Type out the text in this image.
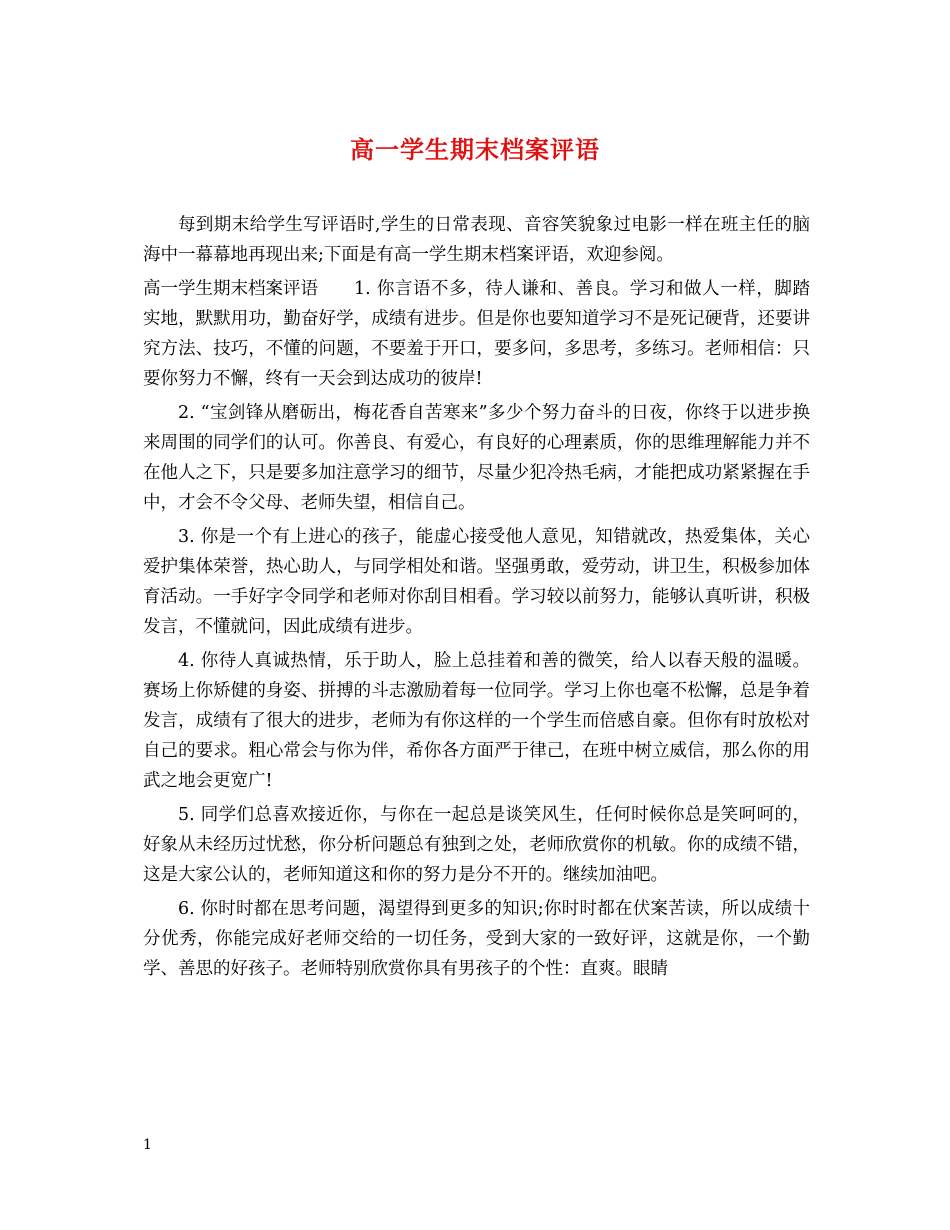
高一学生期末档案评语

每到期末给学生写评语时,学生的日常表现、音容笑貌象过电影一样在班主任的脑海中一幕幕地再现出来;下面是有高一学生期末档案评语，欢迎参阅。

高一学生期末档案评语 1. 你言语不多，待人谦和、善良。学习和做人一样，脚踏实地，默默用功，勤奋好学，成绩有进步。但是你也要知道学习不是死记硬背，还要讲究方法、技巧，不懂的问题，不要羞于开口，要多问，多思考，多练习。老师相信：只要你努力不懈，终有一天会到达成功的彼岸!

2. “宝剑锋从磨砺出，梅花香自苦寒来”多少个努力奋斗的日夜，你终于以进步换来周围的同学们的认可。你善良、有爱心，有良好的心理素质，你的思维理解能力并不在他人之下，只是要多加注意学习的细节，尽量少犯冷热毛病，才能把成功紧紧握在手中，才会不令父母、老师失望，相信自己。

3. 你是一个有上进心的孩子，能虚心接受他人意见，知错就改，热爱集体，关心爱护集体荣誉，热心助人，与同学相处和谐。坚强勇敢，爱劳动，讲卫生，积极参加体育活动。一手好字令同学和老师对你刮目相看。学习较以前努力，能够认真听讲，积极发言，不懂就问，因此成绩有进步。

4. 你待人真诚热情，乐于助人，脸上总挂着和善的微笑，给人以春天般的温暖。赛场上你矫健的身姿、拼搏的斗志激励着每一位同学。学习上你也毫不松懈，总是争着发言，成绩有了很大的进步，老师为有你这样的一个学生而倍感自豪。但你有时放松对自己的要求。粗心常会与你为伴，希你各方面严于律己，在班中树立威信，那么你的用武之地会更宽广!

5. 同学们总喜欢接近你，与你在一起总是谈笑风生，任何时候你总是笑呵呵的，好象从未经历过忧愁，你分析问题总有独到之处，老师欣赏你的机敏。你的成绩不错，这是大家公认的，老师知道这和你的努力是分不开的。继续加油吧。

6. 你时时都在思考问题，渴望得到更多的知识;你时时都在伏案苦读，所以成绩十分优秀，你能完成好老师交给的一切任务，受到大家的一致好评，这就是你，一个勤学、善思的好孩子。老师特别欣赏你具有男孩子的个性：直爽。眼睛

1
